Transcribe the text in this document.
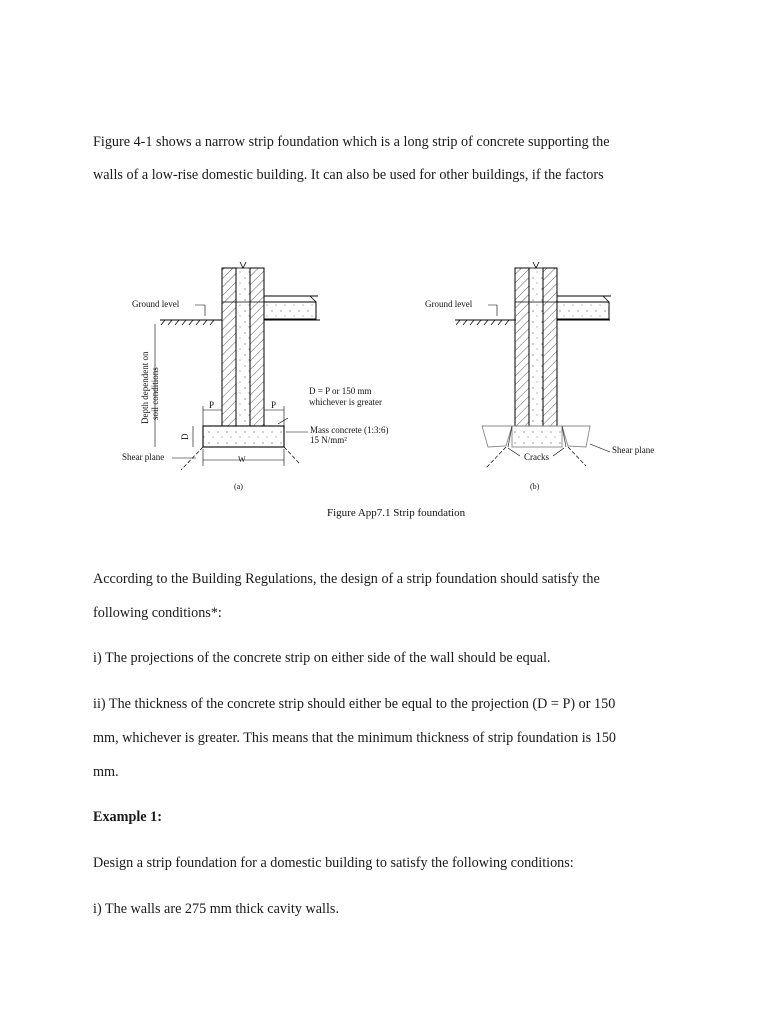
Figure 4-1 shows a narrow strip foundation which is a long strip of concrete supporting the

walls of a low-rise domestic building. It can also be used for other buildings, if the factors

Ground level
Depth dependent on soil conditions	P	P
D
W
D = P or 150 mm
whichever is greater
Mass concrete (1:3:6)
15 N/mm²
Shear plane
(a)
Ground level
Cracks
Shear plane
(b)
Figure App7.1 Strip foundation

According to the Building Regulations, the design of a strip foundation should satisfy the

following conditions*:

i) The projections of the concrete strip on either side of the wall should be equal.

ii) The thickness of the concrete strip should either be equal to the projection (D = P) or 150

mm, whichever is greater. This means that the minimum thickness of strip foundation is 150

mm.

Example 1:

Design a strip foundation for a domestic building to satisfy the following conditions:

i) The walls are 275 mm thick cavity walls.
